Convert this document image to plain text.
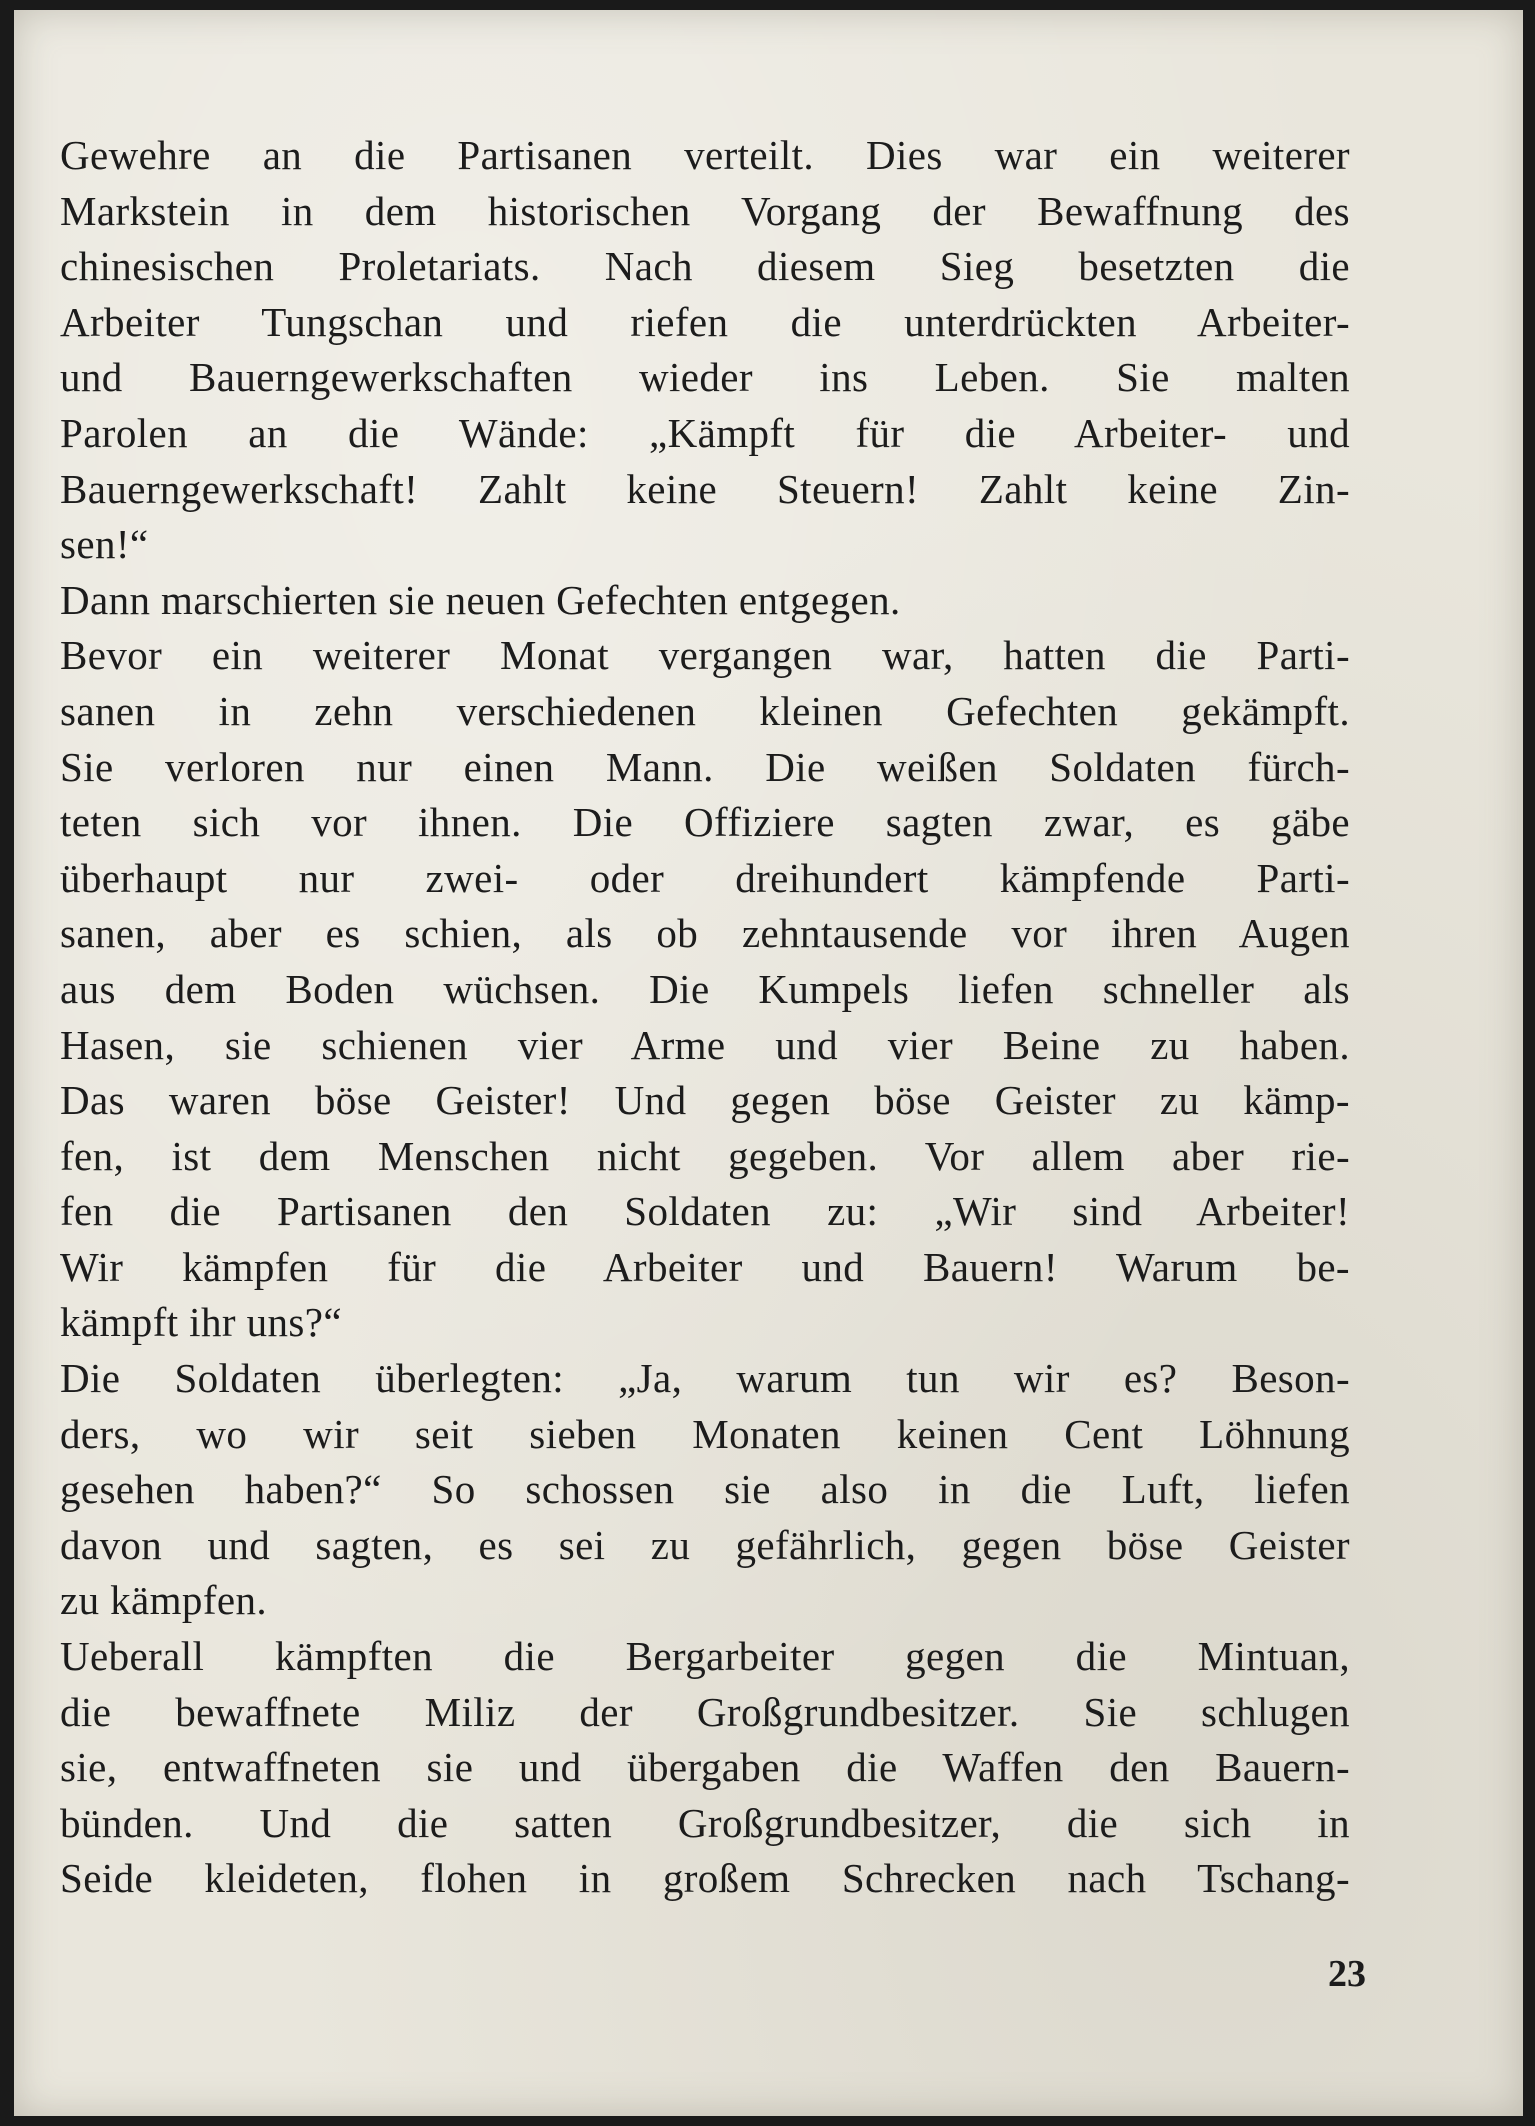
Gewehre an die Partisanen verteilt. Dies war ein weiterer
Markstein in dem historischen Vorgang der Bewaffnung des
chinesischen Proletariats. Nach diesem Sieg besetzten die
Arbeiter Tungschan und riefen die unterdrückten Arbeiter-
und Bauerngewerkschaften wieder ins Leben. Sie malten
Parolen an die Wände: „Kämpft für die Arbeiter- und
Bauerngewerkschaft! Zahlt keine Steuern! Zahlt keine Zin-
sen!“
Dann marschierten sie neuen Gefechten entgegen.
Bevor ein weiterer Monat vergangen war, hatten die Parti-
sanen in zehn verschiedenen kleinen Gefechten gekämpft.
Sie verloren nur einen Mann. Die weißen Soldaten fürch-
teten sich vor ihnen. Die Offiziere sagten zwar, es gäbe
überhaupt nur zwei- oder dreihundert kämpfende Parti-
sanen, aber es schien, als ob zehntausende vor ihren Augen
aus dem Boden wüchsen. Die Kumpels liefen schneller als
Hasen, sie schienen vier Arme und vier Beine zu haben.
Das waren böse Geister! Und gegen böse Geister zu kämp-
fen, ist dem Menschen nicht gegeben. Vor allem aber rie-
fen die Partisanen den Soldaten zu: „Wir sind Arbeiter!
Wir kämpfen für die Arbeiter und Bauern! Warum be-
kämpft ihr uns?“
Die Soldaten überlegten: „Ja, warum tun wir es? Beson-
ders, wo wir seit sieben Monaten keinen Cent Löhnung
gesehen haben?“ So schossen sie also in die Luft, liefen
davon und sagten, es sei zu gefährlich, gegen böse Geister
zu kämpfen.
Ueberall kämpften die Bergarbeiter gegen die Mintuan,
die bewaffnete Miliz der Großgrundbesitzer. Sie schlugen
sie, entwaffneten sie und übergaben die Waffen den Bauern-
bünden. Und die satten Großgrundbesitzer, die sich in
Seide kleideten, flohen in großem Schrecken nach Tschang-
23
